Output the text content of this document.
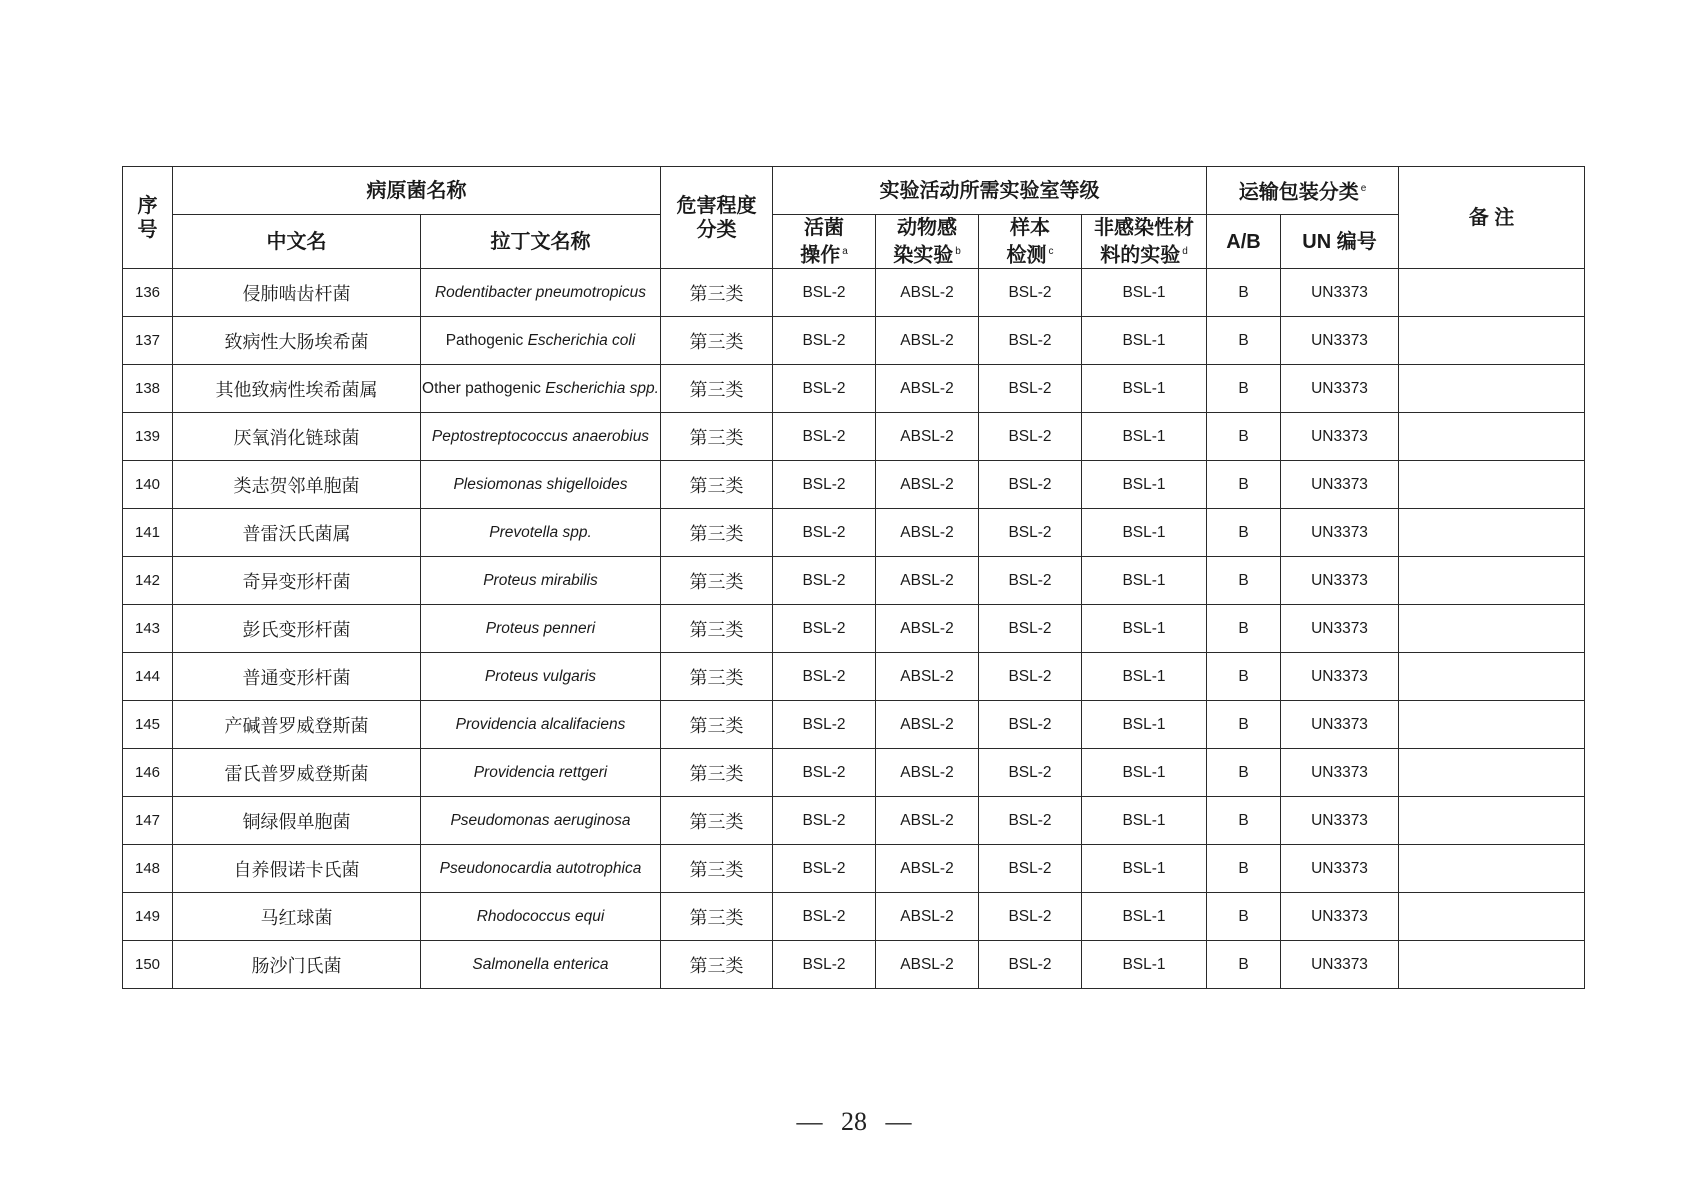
序号	病原菌名称		危害程度分类	实验活动所需实验室等级				运输包装分类 $^e$		备 注
	中文名	拉丁文名称		活菌操作 $^a$	动物感染实验 $^b$	样本检测 $^c$	非感染性材料的实验 $^d$	A/B	UN 编号	
136	侵肺啮齿杆菌	Rodentibacter pneumotropicus	第三类	BSL-2	ABSL-2	BSL-2	BSL-1	B	UN3373	
137	致病性大肠埃希菌	Pathogenic Escherichia coli	第三类	BSL-2	ABSL-2	BSL-2	BSL-1	B	UN3373	
138	其他致病性埃希菌属	Other pathogenic Escherichia spp.	第三类	BSL-2	ABSL-2	BSL-2	BSL-1	B	UN3373	
139	厌氧消化链球菌	Peptostreptococcus anaerobius	第三类	BSL-2	ABSL-2	BSL-2	BSL-1	B	UN3373	
140	类志贺邻单胞菌	Plesiomonas shigelloides	第三类	BSL-2	ABSL-2	BSL-2	BSL-1	B	UN3373	
141	普雷沃氏菌属	Prevotella spp.	第三类	BSL-2	ABSL-2	BSL-2	BSL-1	B	UN3373	
142	奇异变形杆菌	Proteus mirabilis	第三类	BSL-2	ABSL-2	BSL-2	BSL-1	B	UN3373	
143	彭氏变形杆菌	Proteus penneri	第三类	BSL-2	ABSL-2	BSL-2	BSL-1	B	UN3373	
144	普通变形杆菌	Proteus vulgaris	第三类	BSL-2	ABSL-2	BSL-2	BSL-1	B	UN3373	
145	产碱普罗威登斯菌	Providencia alcalifaciens	第三类	BSL-2	ABSL-2	BSL-2	BSL-1	B	UN3373	
146	雷氏普罗威登斯菌	Providencia rettgeri	第三类	BSL-2	ABSL-2	BSL-2	BSL-1	B	UN3373	
147	铜绿假单胞菌	Pseudomonas aeruginosa	第三类	BSL-2	ABSL-2	BSL-2	BSL-1	B	UN3373	
148	自养假诺卡氏菌	Pseudonocardia autotrophica	第三类	BSL-2	ABSL-2	BSL-2	BSL-1	B	UN3373	
149	马红球菌	Rhodococcus equi	第三类	BSL-2	ABSL-2	BSL-2	BSL-1	B	UN3373	
150	肠沙门氏菌	Salmonella enterica	第三类	BSL-2	ABSL-2	BSL-2	BSL-1	B	UN3373	
— 28 —
